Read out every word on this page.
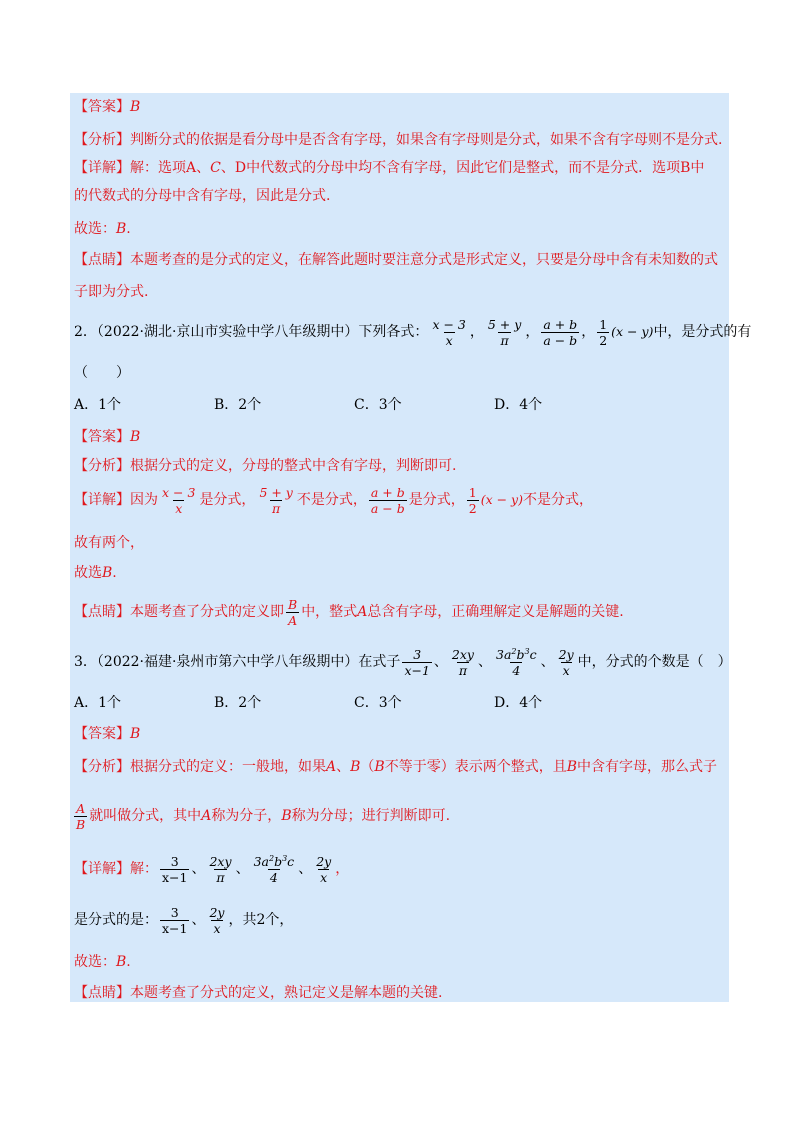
【答案】B
【分析】判断分式的依据是看分母中是否含有字母，如果含有字母则是分式，如果不含有字母则不是分式.
【详解】解：选项A、C、D中代数式的分母中均不含有字母，因此它们是整式，而不是分式．选项B中
的代数式的分母中含有字母，因此是分式.
故选：B.
【点睛】本题考查的是分式的定义，在解答此题时要注意分式是形式定义，只要是分母中含有未知数的式
子即为分式.
2．（2022·湖北·京山市实验中学八年级期中）下列各式： $\frac{x - 3}{x}$ ， $\frac{5 + y}{\pi}$ ， $\frac{a + b}{a - b}$ ， $\frac{1}{2} (x - y)$中，是分式的有
（　　）
A．1个	B．2个	C．3个	D．4个
【答案】B
【分析】根据分式的定义，分母的整式中含有字母，判断即可.
【详解】因为 $\frac{x - 3}{x}$ 是分式， $\frac{5 + y}{\pi}$ 不是分式， $\frac{a + b}{a - b}$ 是分式， $\frac{1}{2} (x - y)$不是分式，
故有两个，
故选B.
【点睛】本题考查了分式的定义即 $\frac{B}{A}$ 中，整式A总含有字母，正确理解定义是解题的关键.
3．（2022·福建·泉州市第六中学八年级期中）在式子 $\frac{3}{x-1}$ 、 $\frac{2xy}{\pi}$ 、 $\frac{3a^2b^3c}{4}$ 、 $\frac{2y}{x}$ 中，分式的个数是（　）
A．1个	B．2个	C．3个	D．4个
【答案】B
【分析】根据分式的定义：一般地，如果A、B（B不等于零）表示两个整式，且B中含有字母，那么式子
$\frac{A}{B}$ 就叫做分式，其中A称为分子，B称为分母；进行判断即可.
【详解】解： $\frac{3}{x-1}$ 、 $\frac{2xy}{\pi}$ 、 $\frac{3a^2b^3c}{4}$ 、 $\frac{2y}{x}$ ，
是分式的是： $\frac{3}{x-1}$ 、 $\frac{2y}{x}$ ，共2个，
故选：B.
【点睛】本题考查了分式的定义，熟记定义是解本题的关键.
